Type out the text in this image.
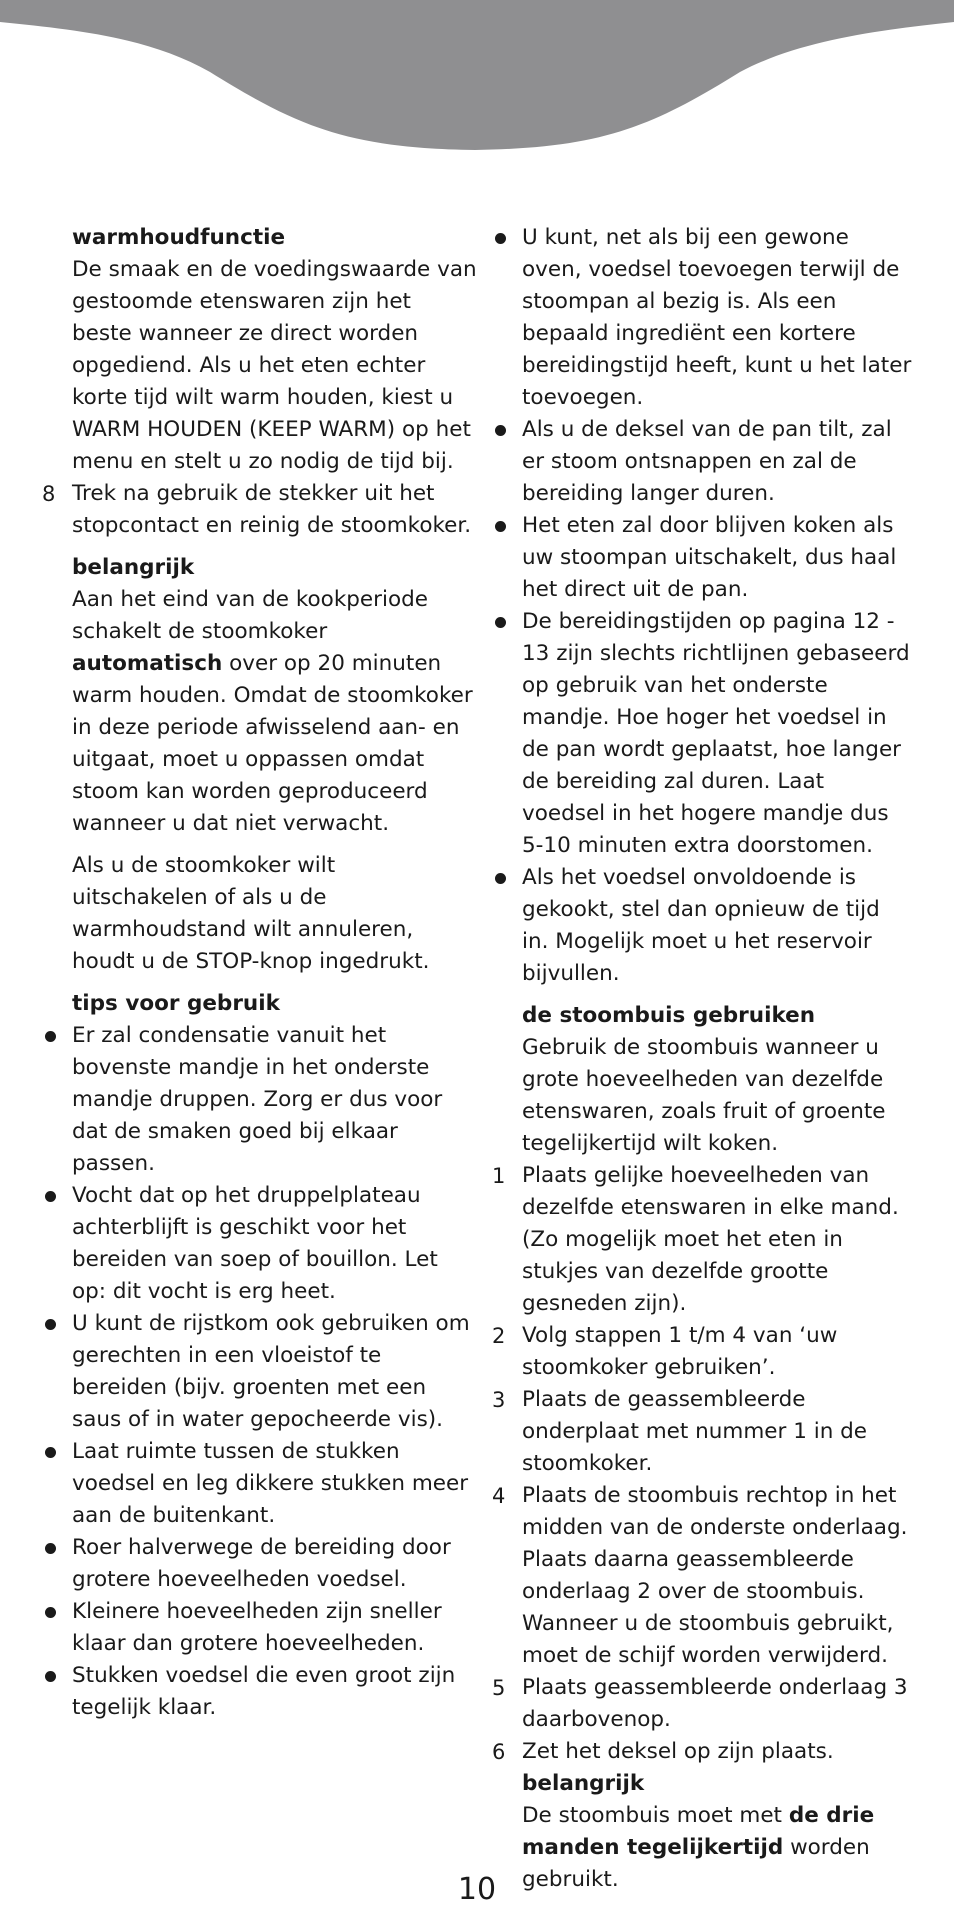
warmhoudfunctie

De smaak en de voedingswaarde van gestoomde etenswaren zijn het beste wanneer ze direct worden opgediend. Als u het eten echter korte tijd wilt warm houden, kiest u WARM HOUDEN (KEEP WARM) op het menu en stelt u zo nodig de tijd bij.

8 Trek na gebruik de stekker uit het stopcontact en reinig de stoomkoker.

belangrijk

Aan het eind van de kookperiode schakelt de stoomkoker automatisch over op 20 minuten warm houden. Omdat de stoomkoker in deze periode afwisselend aan- en uitgaat, moet u oppassen omdat stoom kan worden geproduceerd wanneer u dat niet verwacht.

Als u de stoomkoker wilt uitschakelen of als u de warmhoudstand wilt annuleren, houdt u de STOP-knop ingedrukt.

tips voor gebruik

Er zal condensatie vanuit het bovenste mandje in het onderste mandje druppen. Zorg er dus voor dat de smaken goed bij elkaar passen.
Vocht dat op het druppelplateau achterblijft is geschikt voor het bereiden van soep of bouillon. Let op: dit vocht is erg heet.
U kunt de rijstkom ook gebruiken om gerechten in een vloeistof te bereiden (bijv. groenten met een saus of in water gepocheerde vis).
Laat ruimte tussen de stukken voedsel en leg dikkere stukken meer aan de buitenkant.
Roer halverwege de bereiding door grotere hoeveelheden voedsel.
Kleinere hoeveelheden zijn sneller klaar dan grotere hoeveelheden.
Stukken voedsel die even groot zijn tegelijk klaar.
U kunt, net als bij een gewone oven, voedsel toevoegen terwijl de stoompan al bezig is. Als een bepaald ingrediënt een kortere bereidingstijd heeft, kunt u het later toevoegen.
Als u de deksel van de pan tilt, zal er stoom ontsnappen en zal de bereiding langer duren.
Het eten zal door blijven koken als uw stoompan uitschakelt, dus haal het direct uit de pan.
De bereidingstijden op pagina 12 - 13 zijn slechts richtlijnen gebaseerd op gebruik van het onderste mandje. Hoe hoger het voedsel in de pan wordt geplaatst, hoe langer de bereiding zal duren. Laat voedsel in het hogere mandje dus 5-10 minuten extra doorstomen.
Als het voedsel onvoldoende is gekookt, stel dan opnieuw de tijd in. Mogelijk moet u het reservoir bijvullen.

de stoombuis gebruiken

Gebruik de stoombuis wanneer u grote hoeveelheden van dezelfde etenswaren, zoals fruit of groente tegelijkertijd wilt koken.

1 Plaats gelijke hoeveelheden van dezelfde etenswaren in elke mand. (Zo mogelijk moet het eten in stukjes van dezelfde grootte gesneden zijn).
2 Volg stappen 1 t/m 4 van ‘uw stoomkoker gebruiken’.
3 Plaats de geassembleerde onderplaat met nummer 1 in de stoomkoker.
4 Plaats de stoombuis rechtop in het midden van de onderste onderlaag. Plaats daarna geassembleerde onderlaag 2 over de stoombuis. Wanneer u de stoombuis gebruikt, moet de schijf worden verwijderd.
5 Plaats geassembleerde onderlaag 3 daarbovenop.
6 Zet het deksel op zijn plaats.

belangrijk

De stoombuis moet met de drie manden tegelijkertijd worden gebruikt.

10
